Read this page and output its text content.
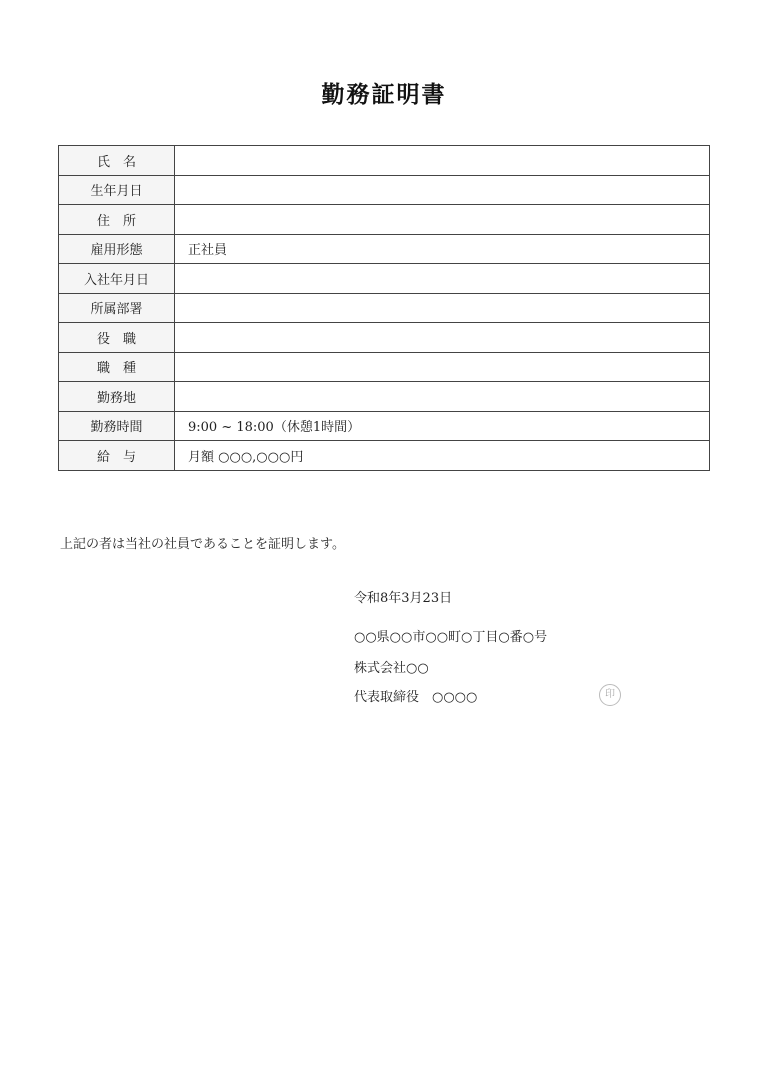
勤務証明書
氏　名	
生年月日	
住　所	
雇用形態	正社員
入社年月日	
所属部署	
役　職	
職　種	
勤務地	
勤務時間	9:00 ~ 18:00（休憩1時間）
給　与	月額 ○○○,○○○円
上記の者は当社の社員であることを証明します。
令和8年3月23日
○○県○○市○○町○丁目○番○号
株式会社○○
代表取締役　○○○○	印
